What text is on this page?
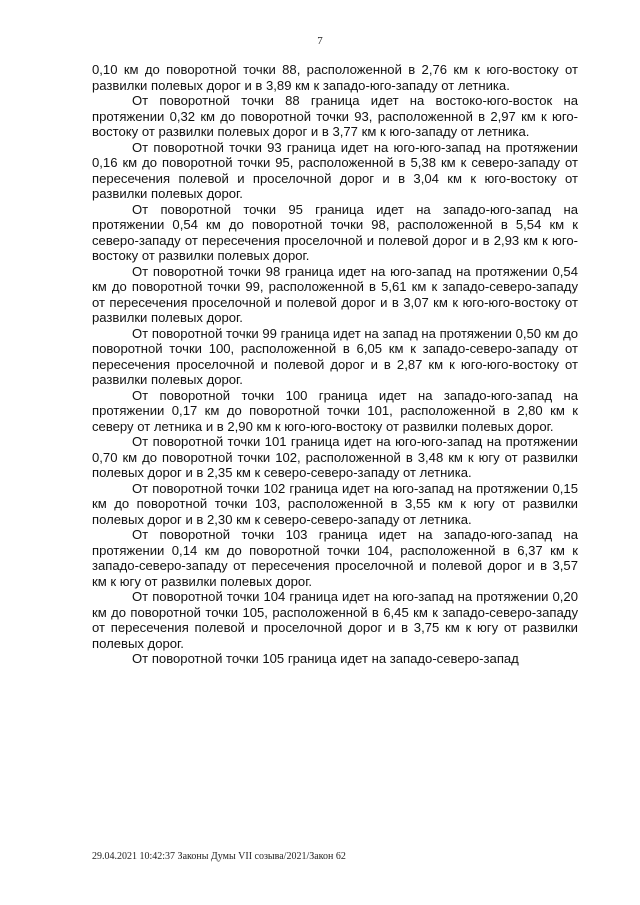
7

0,10 км до поворотной точки 88, расположенной в 2,76 км к юго-востоку от развилки полевых дорог и в 3,89 км к западо-юго-западу от летника.

От поворотной точки 88 граница идет на востоко-юго-восток на протяжении 0,32 км до поворотной точки 93, расположенной в 2,97 км к юго-востоку от развилки полевых дорог и в 3,77 км к юго-западу от летника.

От поворотной точки 93 граница идет на юго-юго-запад на протяжении 0,16 км до поворотной точки 95, расположенной в 5,38 км к северо-западу от пересечения полевой и проселочной дорог и в 3,04 км к юго-востоку от развилки полевых дорог.

От поворотной точки 95 граница идет на западо-юго-запад на протяжении 0,54 км до поворотной точки 98, расположенной в 5,54 км к северо-западу от пересечения проселочной и полевой дорог и в 2,93 км к юго-востоку от развилки полевых дорог.

От поворотной точки 98 граница идет на юго-запад на протяжении 0,54 км до поворотной точки 99, расположенной в 5,61 км к западо-северо-западу от пересечения проселочной и полевой дорог и в 3,07 км к юго-юго-востоку от развилки полевых дорог.

От поворотной точки 99 граница идет на запад на протяжении 0,50 км до поворотной точки 100, расположенной в 6,05 км к западо-северо-западу от пересечения проселочной и полевой дорог и в 2,87 км к юго-юго-востоку от развилки полевых дорог.

От поворотной точки 100 граница идет на западо-юго-запад на протяжении 0,17 км до поворотной точки 101, расположенной в 2,80 км к северу от летника и в 2,90 км к юго-юго-востоку от развилки полевых дорог.

От поворотной точки 101 граница идет на юго-юго-запад на протяжении 0,70 км до поворотной точки 102, расположенной в 3,48 км к югу от развилки полевых дорог и в 2,35 км к северо-северо-западу от летника.

От поворотной точки 102 граница идет на юго-запад на протяжении 0,15 км до поворотной точки 103, расположенной в 3,55 км к югу от развилки полевых дорог и в 2,30 км к северо-северо-западу от летника.

От поворотной точки 103 граница идет на западо-юго-запад на протяжении 0,14 км до поворотной точки 104, расположенной в 6,37 км к западо-северо-западу от пересечения проселочной и полевой дорог и в 3,57 км к югу от развилки полевых дорог.

От поворотной точки 104 граница идет на юго-запад на протяжении 0,20 км до поворотной точки 105, расположенной в 6,45 км к западо-северо-западу от пересечения полевой и проселочной дорог и в 3,75 км к югу от развилки полевых дорог.

От поворотной точки 105 граница идет на западо-северо-запад

29.04.2021 10:42:37 Законы Думы VII созыва/2021/Закон 62
